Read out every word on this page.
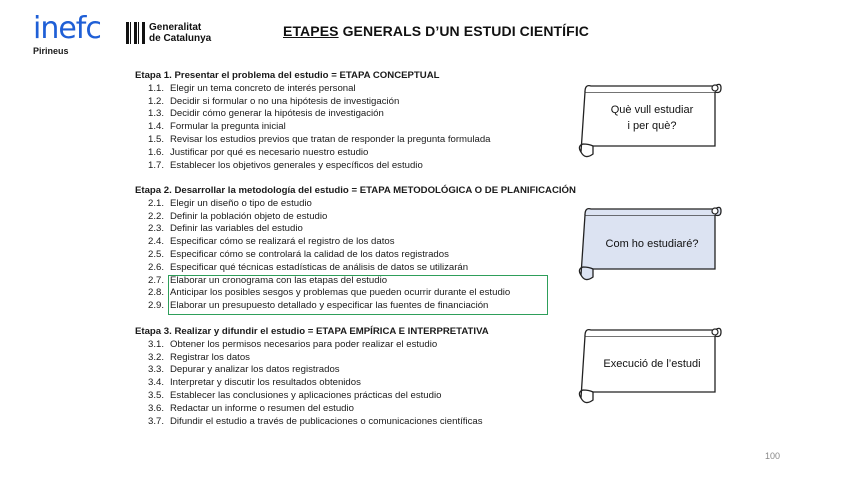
inefc
Pirineus
Generalitat
de Catalunya	ETAPES GENERALS D’UN ESTUDI CIENTÍFIC
Etapa 1. Presentar el problema del estudio = ETAPA CONCEPTUAL
1.1. Elegir un tema concreto de interés personal
1.2. Decidir si formular o no una hipótesis de investigación
1.3. Decidir cómo generar la hipótesis de investigación
1.4. Formular la pregunta inicial
1.5. Revisar los estudios previos que tratan de responder la pregunta formulada
1.6. Justificar por qué es necesario nuestro estudio
1.7. Establecer los objetivos generales y específicos del estudio
Etapa 2. Desarrollar la metodología del estudio = ETAPA METODOLÓGICA O DE PLANIFICACIÓN
2.1. Elegir un diseño o tipo de estudio
2.2. Definir la población objeto de estudio
2.3. Definir las variables del estudio
2.4. Especificar cómo se realizará el registro de los datos
2.5. Especificar cómo se controlará la calidad de los datos registrados
2.6. Especificar qué técnicas estadísticas de análisis de datos se utilizarán
2.7. Elaborar un cronograma con las etapas del estudio
2.8. Anticipar los posibles sesgos y problemas que pueden ocurrir durante el estudio
2.9. Elaborar un presupuesto detallado y especificar las fuentes de financiación
Etapa 3. Realizar y difundir el estudio = ETAPA EMPÍRICA E INTERPRETATIVA
3.1. Obtener los permisos necesarios para poder realizar el estudio
3.2. Registrar los datos
3.3. Depurar y analizar los datos registrados
3.4. Interpretar y discutir los resultados obtenidos
3.5. Establecer las conclusiones y aplicaciones prácticas del estudio
3.6. Redactar un informe o resumen del estudio
3.7. Difundir el estudio a través de publicaciones o comunicaciones científicas
Què vull estudiar
i per què?
Com ho estudiaré?
Execució de l’estudi
100
